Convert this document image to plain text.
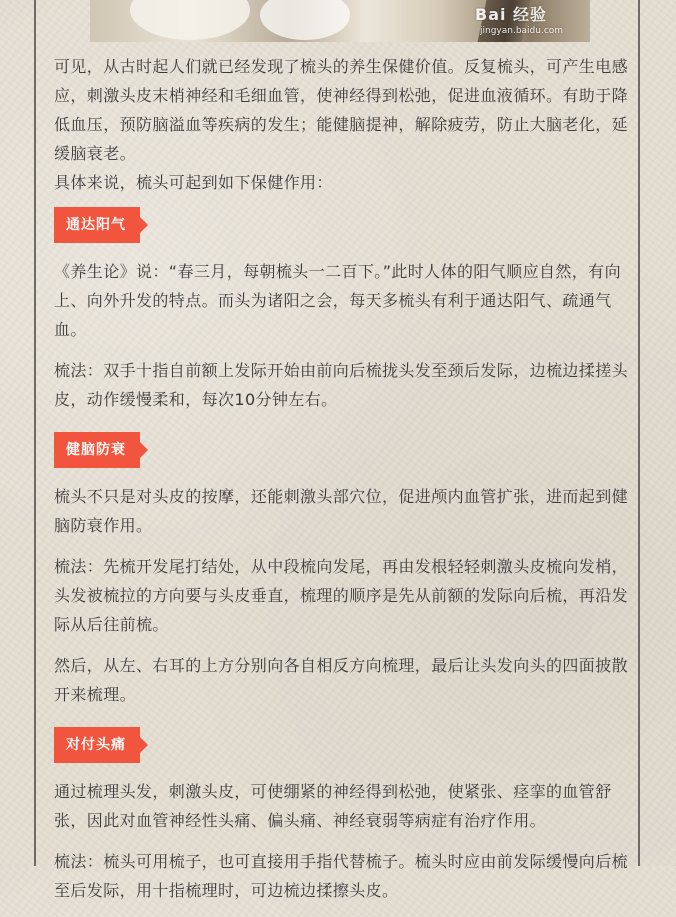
Bai 经验
jingyan.baidu.com

可见，从古时起人们就已经发现了梳头的养生保健价值。反复梳头，可产生电感应，刺激头皮末梢神经和毛细血管，使神经得到松弛，促进血液循环。有助于降低血压，预防脑溢血等疾病的发生；能健脑提神，解除疲劳，防止大脑老化，延缓脑衰老。

具体来说，梳头可起到如下保健作用：

通达阳气

《养生论》说：“春三月，每朝梳头一二百下。”此时人体的阳气顺应自然，有向上、向外升发的特点。而头为诸阳之会，每天多梳头有利于通达阳气、疏通气血。

梳法：双手十指自前额上发际开始由前向后梳拢头发至颈后发际，边梳边揉搓头皮，动作缓慢柔和，每次10分钟左右。

健脑防衰

梳头不只是对头皮的按摩，还能刺激头部穴位，促进颅内血管扩张，进而起到健脑防衰作用。

梳法：先梳开发尾打结处，从中段梳向发尾，再由发根轻轻刺激头皮梳向发梢，头发被梳拉的方向要与头皮垂直，梳理的顺序是先从前额的发际向后梳，再沿发际从后往前梳。

然后，从左、右耳的上方分别向各自相反方向梳理，最后让头发向头的四面披散开来梳理。

对付头痛

通过梳理头发，刺激头皮，可使绷紧的神经得到松弛，使紧张、痉挛的血管舒张，因此对血管神经性头痛、偏头痛、神经衰弱等病症有治疗作用。

梳法：梳头可用梳子，也可直接用手指代替梳子。梳头时应由前发际缓慢向后梳至后发际，用十指梳理时，可边梳边揉擦头皮。
